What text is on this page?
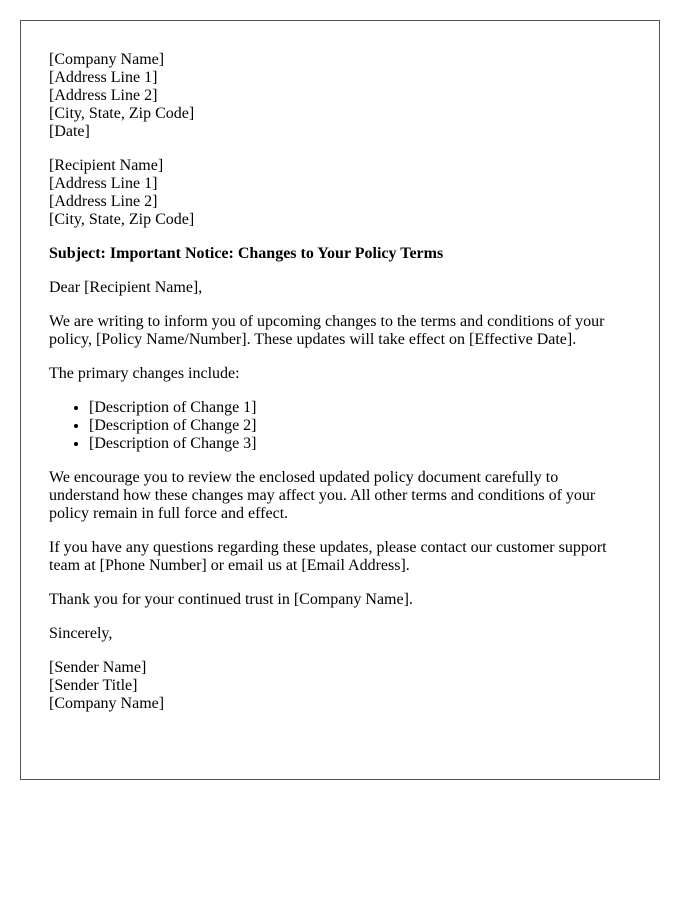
[Company Name]
[Address Line 1]
[Address Line 2]
[City, State, Zip Code]
[Date]
[Recipient Name]
[Address Line 1]
[Address Line 2]
[City, State, Zip Code]

Subject: Important Notice: Changes to Your Policy Terms

Dear [Recipient Name],

We are writing to inform you of upcoming changes to the terms and conditions of your policy, [Policy Name/Number]. These updates will take effect on [Effective Date].

The primary changes include:

• [Description of Change 1]
• [Description of Change 2]
• [Description of Change 3]

We encourage you to review the enclosed updated policy document carefully to understand how these changes may affect you. All other terms and conditions of your policy remain in full force and effect.

If you have any questions regarding these updates, please contact our customer support team at [Phone Number] or email us at [Email Address].

Thank you for your continued trust in [Company Name].

Sincerely,

[Sender Name]
[Sender Title]
[Company Name]
